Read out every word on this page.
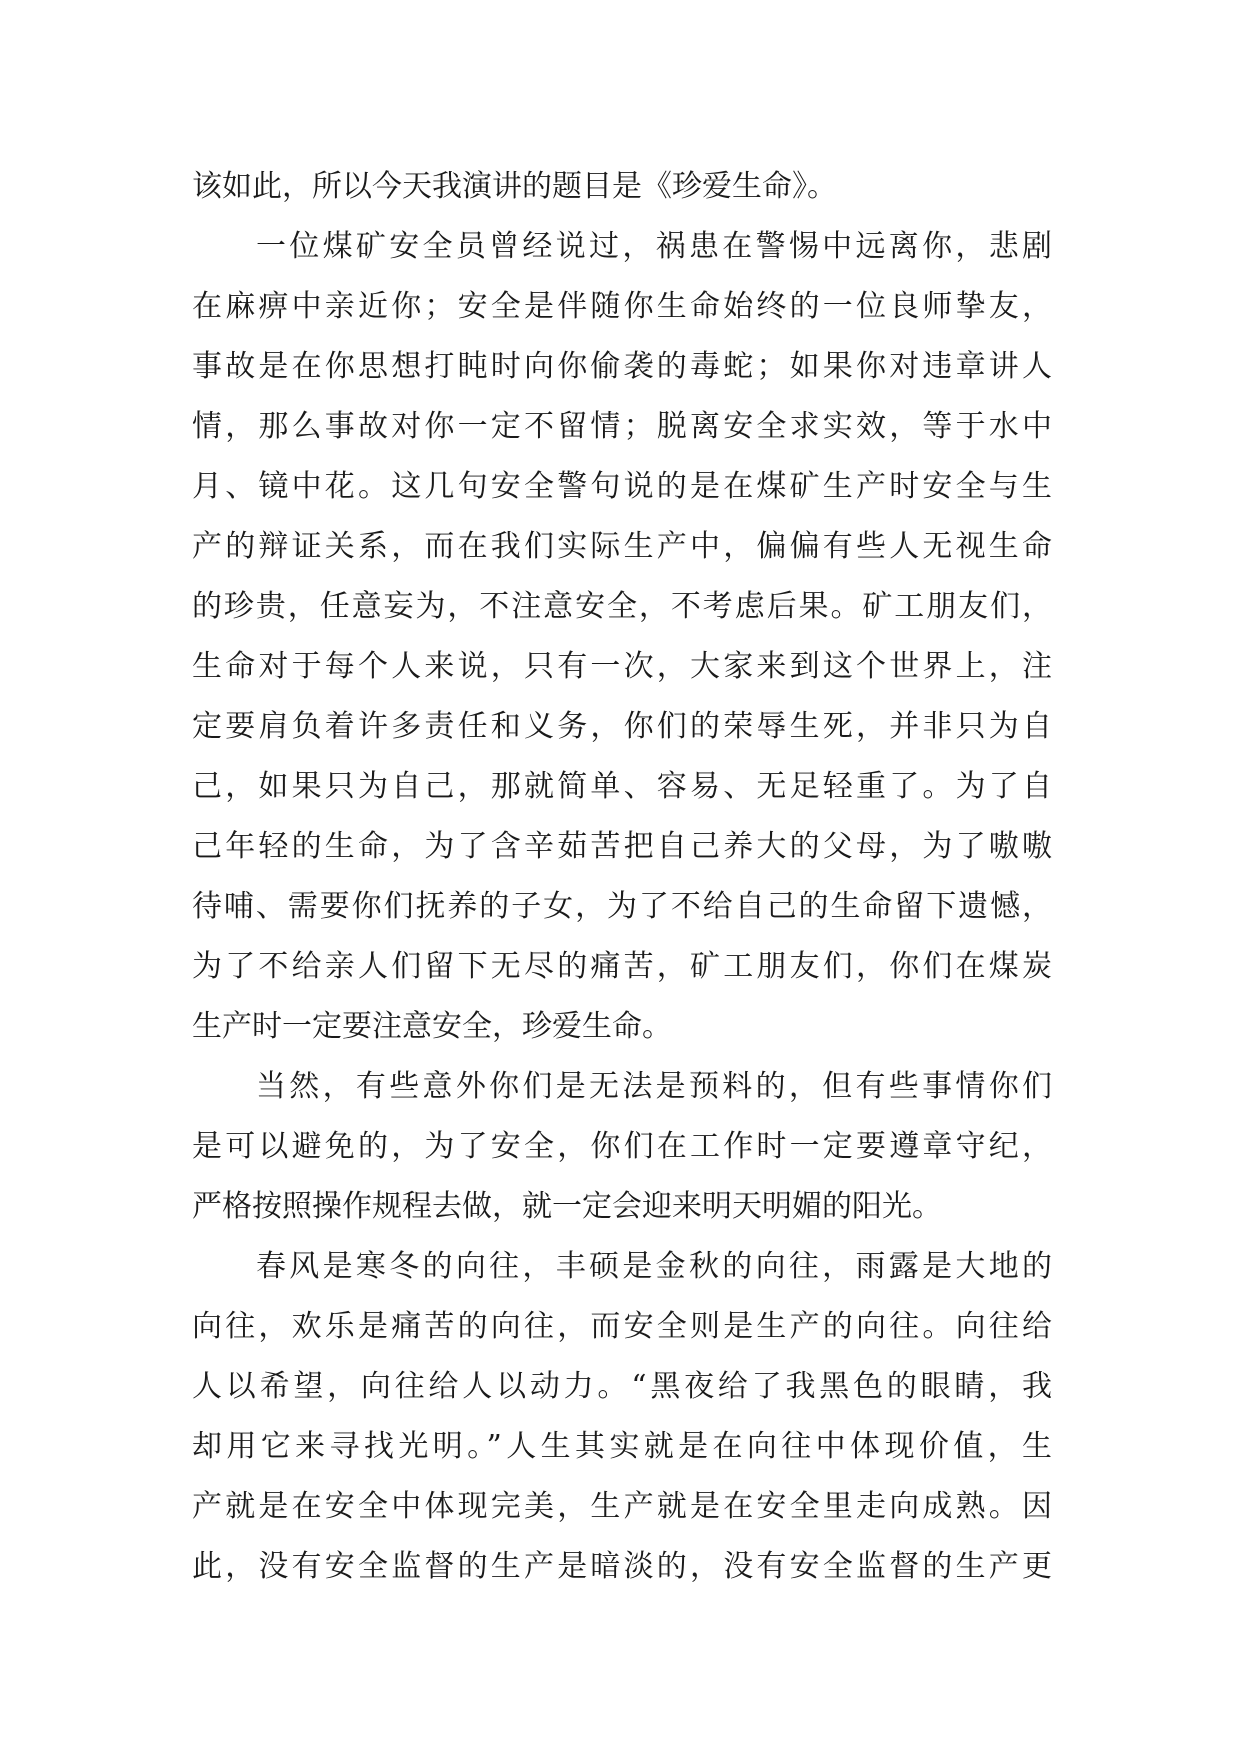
该如此，所以今天我演讲的题目是《珍爱生命》。
一位煤矿安全员曾经说过，祸患在警惕中远离你，悲剧
在麻痹中亲近你；安全是伴随你生命始终的一位良师挚友，
事故是在你思想打盹时向你偷袭的毒蛇；如果你对违章讲人
情，那么事故对你一定不留情；脱离安全求实效，等于水中
月、镜中花。这几句安全警句说的是在煤矿生产时安全与生
产的辩证关系，而在我们实际生产中，偏偏有些人无视生命
的珍贵，任意妄为，不注意安全，不考虑后果。矿工朋友们，
生命对于每个人来说，只有一次，大家来到这个世界上，注
定要肩负着许多责任和义务，你们的荣辱生死，并非只为自
己，如果只为自己，那就简单、容易、无足轻重了。为了自
己年轻的生命，为了含辛茹苦把自己养大的父母，为了嗷嗷
待哺、需要你们抚养的子女，为了不给自己的生命留下遗憾，
为了不给亲人们留下无尽的痛苦，矿工朋友们，你们在煤炭
生产时一定要注意安全，珍爱生命。
当然，有些意外你们是无法是预料的，但有些事情你们
是可以避免的，为了安全，你们在工作时一定要遵章守纪，
严格按照操作规程去做，就一定会迎来明天明媚的阳光。
春风是寒冬的向往，丰硕是金秋的向往，雨露是大地的
向往，欢乐是痛苦的向往，而安全则是生产的向往。向往给
人以希望，向往给人以动力。“黑夜给了我黑色的眼睛，我
却用它来寻找光明。”人生其实就是在向往中体现价值，生
产就是在安全中体现完美，生产就是在安全里走向成熟。因
此，没有安全监督的生产是暗淡的，没有安全监督的生产更
